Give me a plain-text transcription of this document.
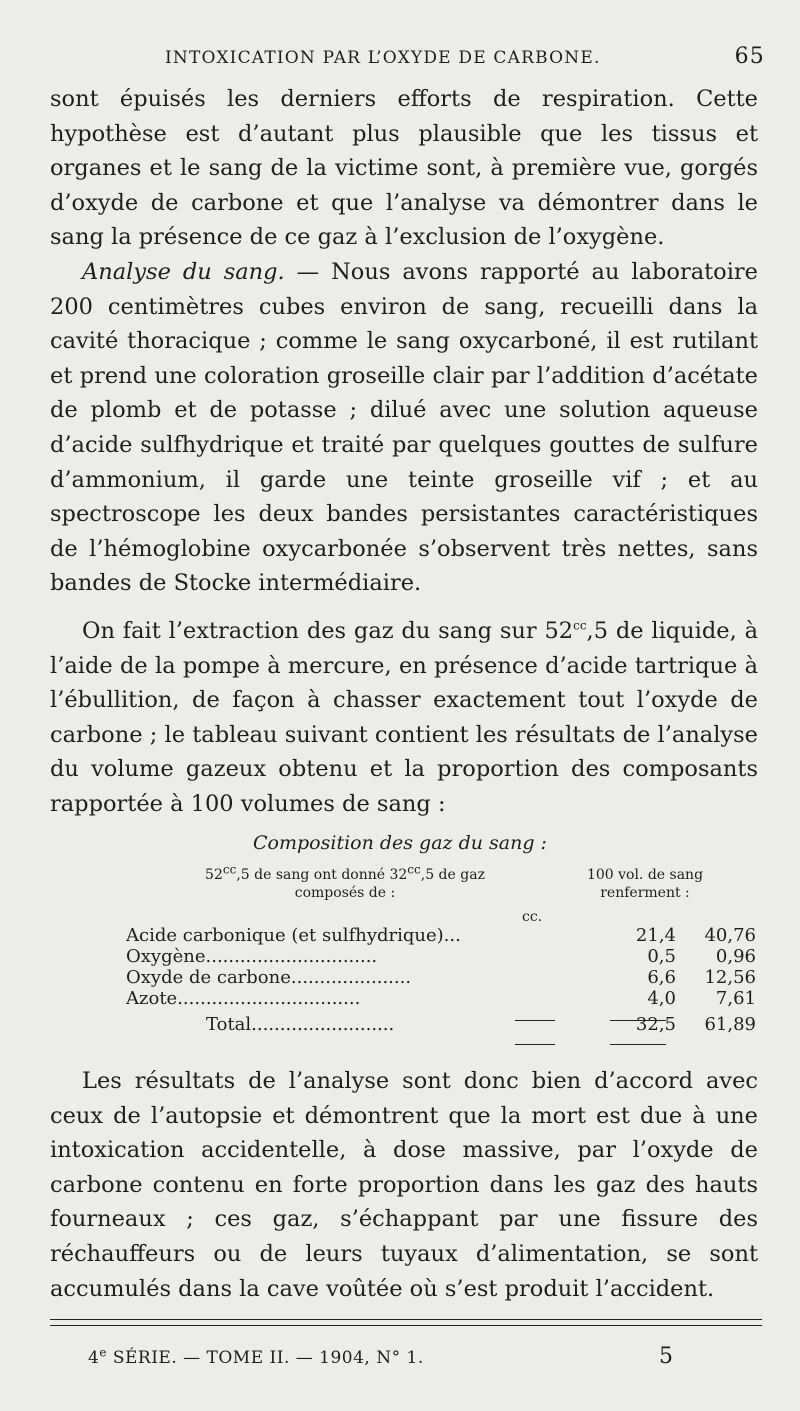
INTOXICATION PAR L’OXYDE DE CARBONE.	65

sont épuisés les derniers efforts de respiration. Cette hypothèse est d’autant plus plausible que les tissus et organes et le sang de la victime sont, à première vue, gorgés d’oxyde de carbone et que l’analyse va démontrer dans le sang la présence de ce gaz à l’exclusion de l’oxygène.

Analyse du sang. — Nous avons rapporté au laboratoire 200 centimètres cubes environ de sang, recueilli dans la cavité thoracique ; comme le sang oxycarboné, il est rutilant et prend une coloration groseille clair par l’addition d’acétate de plomb et de potasse ; dilué avec une solution aqueuse d’acide sulfhydrique et traité par quelques gouttes de sulfure d’ammonium, il garde une teinte groseille vif ; et au spectroscope les deux bandes persistantes caractéristiques de l’hémoglobine oxycarbonée s’observent très nettes, sans bandes de Stocke intermédiaire.

On fait l’extraction des gaz du sang sur $52^{cc},5$ de liquide, à l’aide de la pompe à mercure, en présence d’acide tartrique à l’ébullition, de façon à chasser exactement tout l’oxyde de carbone ; le tableau suivant contient les résultats de l’analyse du volume gazeux obtenu et la proportion des composants rapportée à 100 volumes de sang :

Composition des gaz du sang :
52cc,5 de sang ont donné 32cc,5 de gaz
composés de :
100 vol. de sang
renferment :
cc.
Acide carbonique (et sulfhydrique)...	21,4	40,76
Oxygène..............................	0,5	0,96
Oxyde de carbone.....................	6,6	12,56
Azote................................	4,0	7,61
Total.........................	32,5	61,89

Les résultats de l’analyse sont donc bien d’accord avec ceux de l’autopsie et démontrent que la mort est due à une intoxication accidentelle, à dose massive, par l’oxyde de carbone contenu en forte proportion dans les gaz des hauts fourneaux ; ces gaz, s’échappant par une fissure des réchauffeurs ou de leurs tuyaux d’alimentation, se sont accumulés dans la cave voûtée où s’est produit l’accident.

4e SÉRIE. — TOME II. — 1904, N° 1.	5
